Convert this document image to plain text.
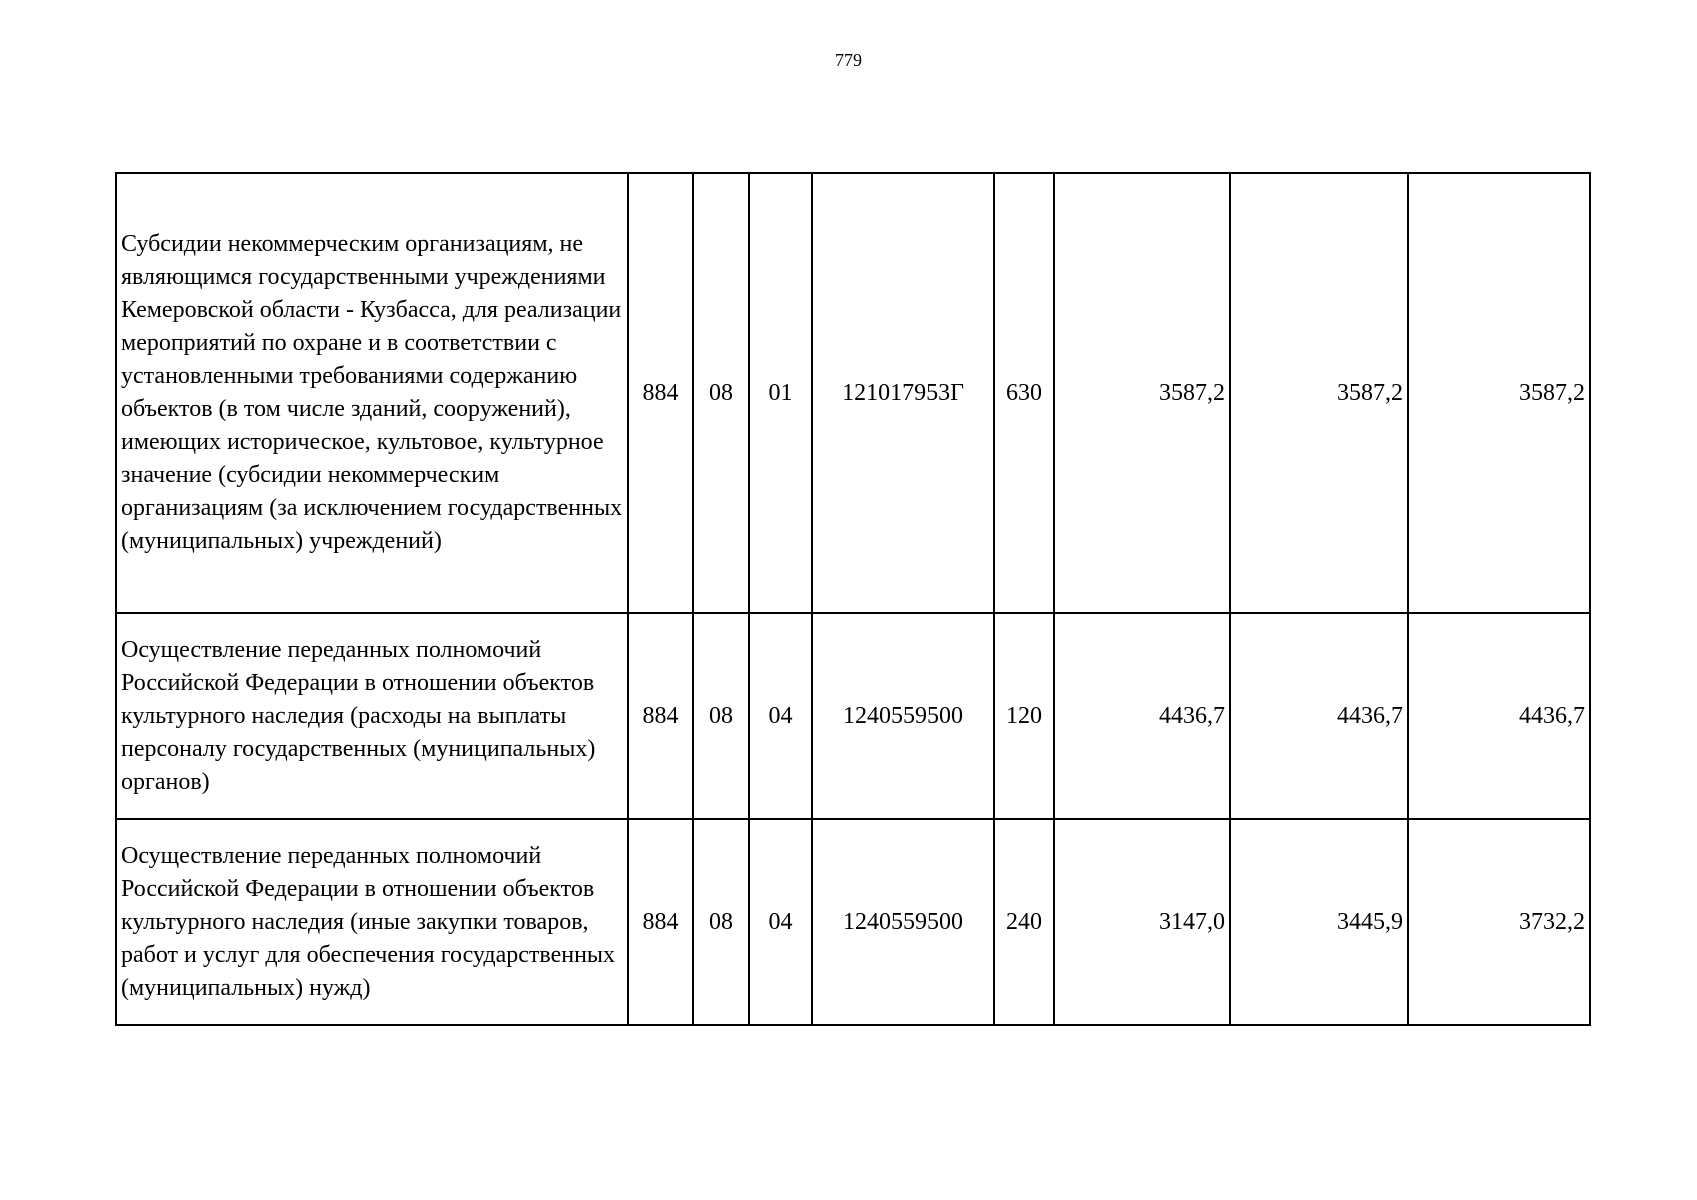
779
Субсидии некоммерческим организациям, не являющимся государственными учреждениями Кемеровской области - Кузбасса, для реализации мероприятий по охране и в соответствии с установленными требованиями содержанию объектов (в том числе зданий, сооружений), имеющих историческое, культовое, культурное значение (субсидии некоммерческим организациям (за исключением государственных (муниципальных) учреждений)	884	08	01	121017953Г	630	3587,2	3587,2	3587,2
Осуществление переданных полномочий Российской Федерации в отношении объектов культурного наследия (расходы на выплаты персоналу государственных (муниципальных) органов)	884	08	04	1240559500	120	4436,7	4436,7	4436,7
Осуществление переданных полномочий Российской Федерации в отношении объектов культурного наследия (иные закупки товаров, работ и услуг для обеспечения государственных (муниципальных) нужд)	884	08	04	1240559500	240	3147,0	3445,9	3732,2
